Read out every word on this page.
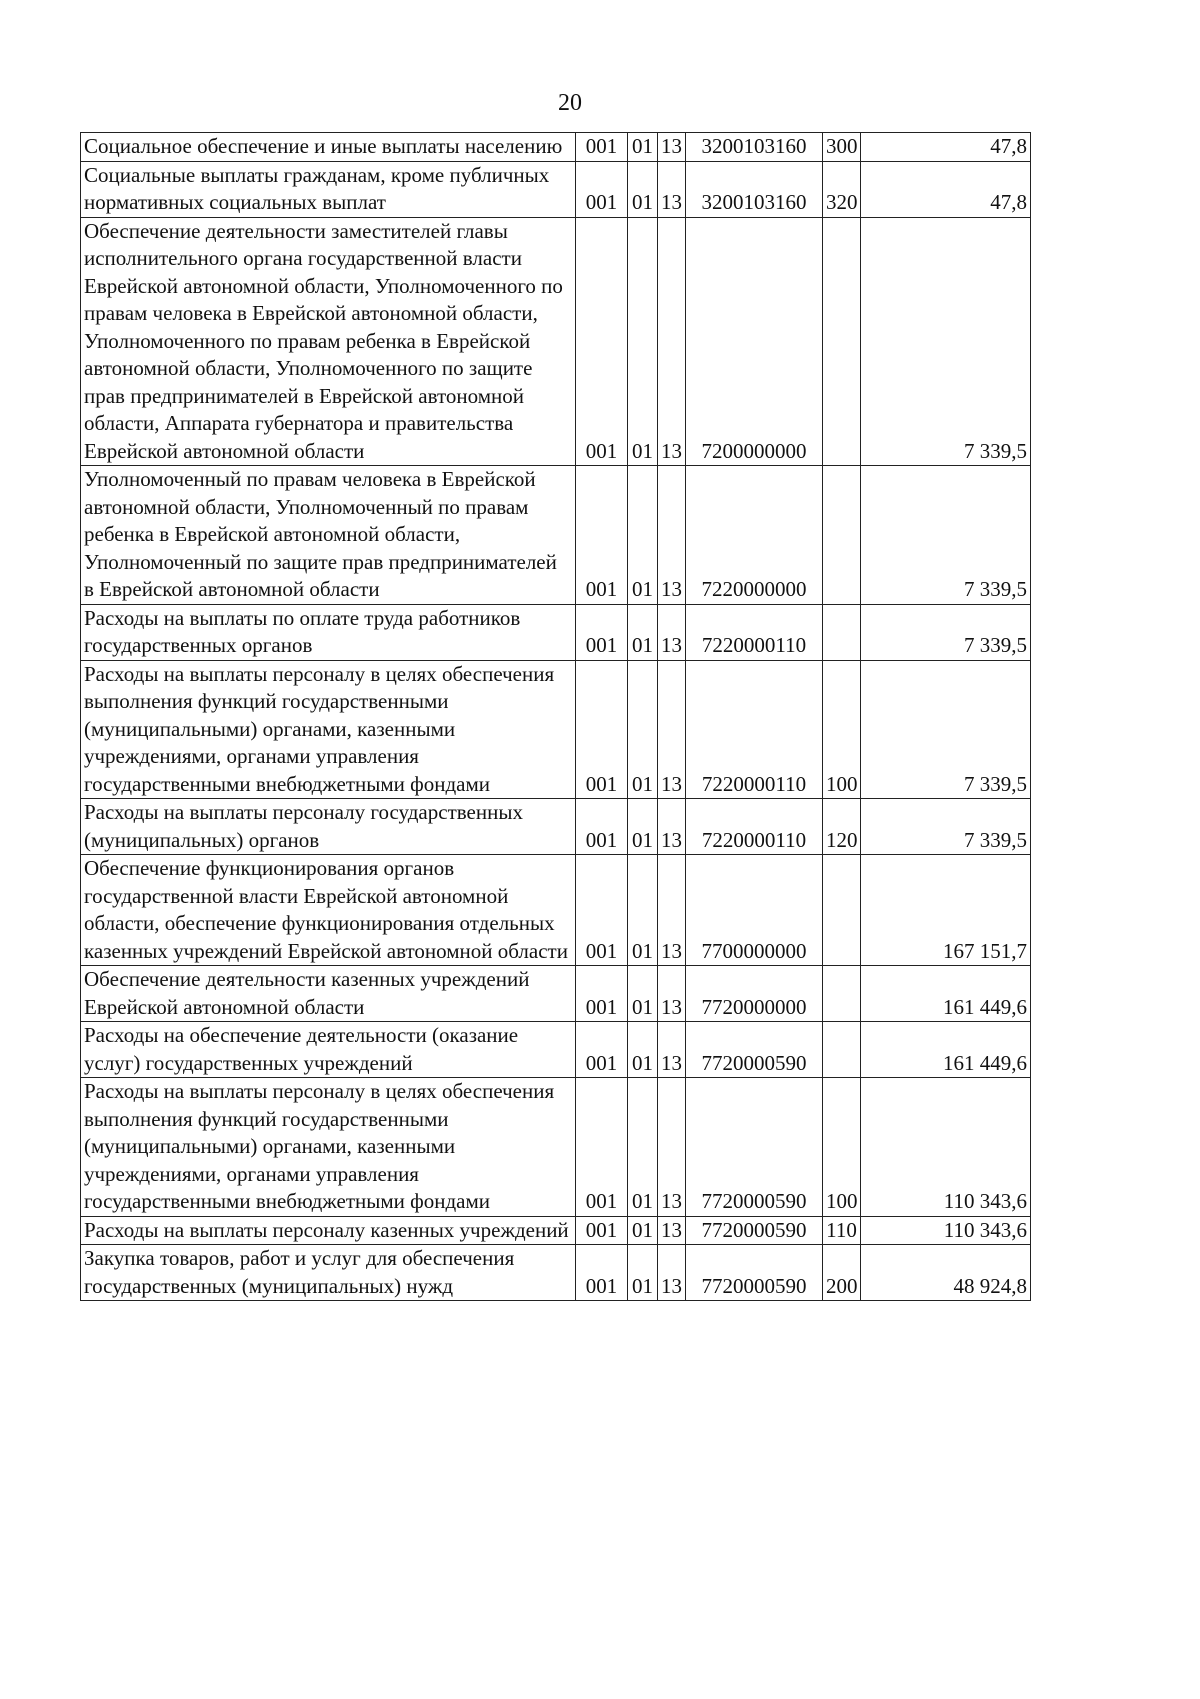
20
Социальное обеспечение и иные выплаты населению	001	01	13	3200103160	300	47,8
Социальные выплаты гражданам, кроме публичных нормативных социальных выплат	001	01	13	3200103160	320	47,8
Обеспечение деятельности заместителей главы исполнительного органа государственной власти Еврейской автономной области, Уполномоченного по правам человека в Еврейской автономной области, Уполномоченного по правам ребенка в Еврейской автономной области, Уполномоченного по защите прав предпринимателей в Еврейской автономной области, Аппарата губернатора и правительства Еврейской автономной области	001	01	13	7200000000		7 339,5
Уполномоченный по правам человека в Еврейской автономной области, Уполномоченный по правам ребенка в Еврейской автономной области, Уполномоченный по защите прав предпринимателей в Еврейской автономной области	001	01	13	7220000000		7 339,5
Расходы на выплаты по оплате труда работников государственных органов	001	01	13	7220000110		7 339,5
Расходы на выплаты персоналу в целях обеспечения выполнения функций государственными (муниципальными) органами, казенными учреждениями, органами управления государственными внебюджетными фондами	001	01	13	7220000110	100	7 339,5
Расходы на выплаты персоналу государственных (муниципальных) органов	001	01	13	7220000110	120	7 339,5
Обеспечение функционирования органов государственной власти Еврейской автономной области, обеспечение функционирования отдельных казенных учреждений Еврейской автономной области	001	01	13	7700000000		167 151,7
Обеспечение деятельности казенных учреждений Еврейской автономной области	001	01	13	7720000000		161 449,6
Расходы на обеспечение деятельности (оказание услуг) государственных учреждений	001	01	13	7720000590		161 449,6
Расходы на выплаты персоналу в целях обеспечения выполнения функций государственными (муниципальными) органами, казенными учреждениями, органами управления государственными внебюджетными фондами	001	01	13	7720000590	100	110 343,6
Расходы на выплаты персоналу казенных учреждений	001	01	13	7720000590	110	110 343,6
Закупка товаров, работ и услуг для обеспечения государственных (муниципальных) нужд	001	01	13	7720000590	200	48 924,8
